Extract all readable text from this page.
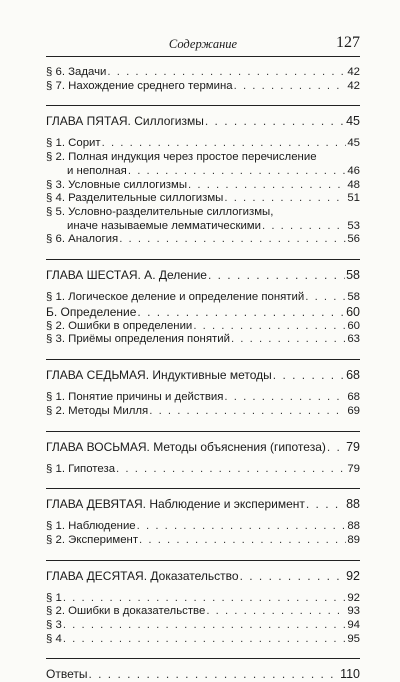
Содержание	127
§ 6. Задачи . . .	42
§ 7. Нахождение среднего термина . . .	42
ГЛАВА ПЯТАЯ. Силлогизмы . . .	45
§ 1. Сорит . . .	45
§ 2. Полная индукция через простое перечисление
и неполная . . .	46
§ 3. Условные силлогизмы . . .	48
§ 4. Разделительные силлогизмы . . .	51
§ 5. Условно-разделительные силлогизмы,
иначе называемые лемматическими . . .	53
§ 6. Аналогия . . .	56
ГЛАВА ШЕСТАЯ. А. Деление . . .	58
§ 1. Логическое деление и определение понятий . . .	58
Б. Определение . . .	60
§ 2. Ошибки в определении . . .	60
§ 3. Приёмы определения понятий . . .	63
ГЛАВА СЕДЬМАЯ. Индуктивные методы . . .	68
§ 1. Понятие причины и действия . . .	68
§ 2. Методы Милля . . .	69
ГЛАВА ВОСЬМАЯ. Методы объяснения (гипотеза) . . . 79
§ 1. Гипотеза . . .	79
ГЛАВА ДЕВЯТАЯ. Наблюдение и эксперимент . . .	88
§ 1. Наблюдение . . .	88
§ 2. Эксперимент . . .	89
ГЛАВА ДЕСЯТАЯ. Доказательство . . .	92
§ 1 . . .	92
§ 2. Ошибки в доказательстве . . .	93
§ 3 . . .	94
§ 4 . . .	95
Ответы . . .	110
